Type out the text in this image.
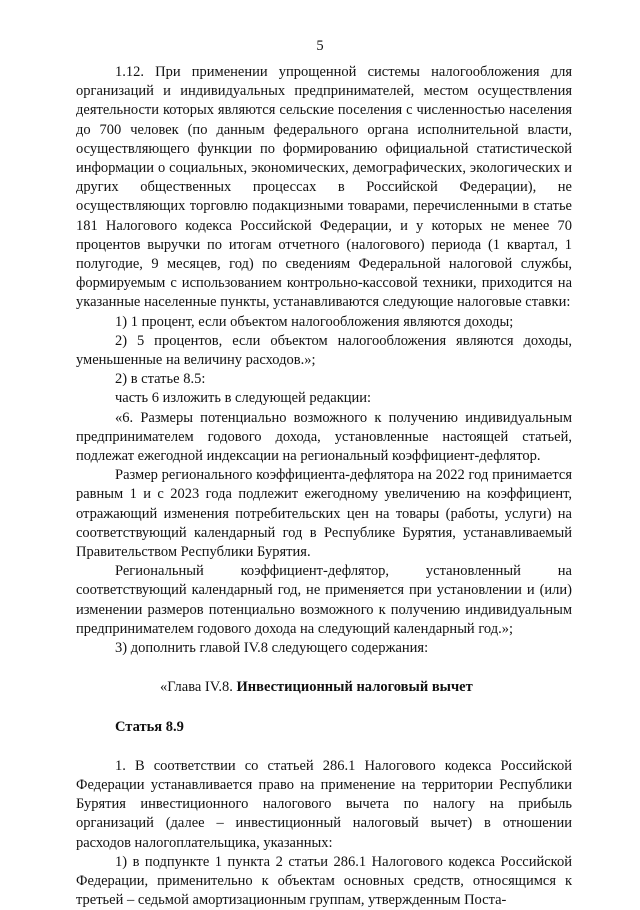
5

1.12. При применении упрощенной системы налогообложения для организаций и индивидуальных предпринимателей, местом осуществления деятельности которых являются сельские поселения с численностью населения до 700 человек (по данным федерального органа исполнительной власти, осуществляющего функции по формированию официальной статистической информации о социальных, экономических, демографических, экологических и других общественных процессах в Российской Федерации), не осуществляющих торговлю подакцизными товарами, перечисленными в статье 181 Налогового кодекса Российской Федерации, и у которых не менее 70 процентов выручки по итогам отчетного (налогового) периода (1 квартал, 1 полугодие, 9 месяцев, год) по сведениям Федеральной налоговой службы, формируемым с использованием контрольно-кассовой техники, приходится на указанные населенные пункты, устанавливаются следующие налоговые ставки:

1) 1 процент, если объектом налогообложения являются доходы;

2) 5 процентов, если объектом налогообложения являются доходы, уменьшенные на величину расходов.»;

2) в статье 8.5:

часть 6 изложить в следующей редакции:

«6. Размеры потенциально возможного к получению индивидуальным предпринимателем годового дохода, установленные настоящей статьей, подлежат ежегодной индексации на региональный коэффициент-дефлятор.

Размер регионального коэффициента-дефлятора на 2022 год принимается равным 1 и с 2023 года подлежит ежегодному увеличению на коэффициент, отражающий изменения потребительских цен на товары (работы, услуги) на соответствующий календарный год в Республике Бурятия, устанавливаемый Правительством Республики Бурятия.

Региональный коэффициент-дефлятор, установленный на соответствующий календарный год, не применяется при установлении и (или) изменении размеров потенциально возможного к получению индивидуальным предпринимателем годового дохода на следующий календарный год.»;

3) дополнить главой IV.8 следующего содержания:

«Глава IV.8. Инвестиционный налоговый вычет

Статья 8.9

1. В соответствии со статьей 286.1 Налогового кодекса Российской Федерации устанавливается право на применение на территории Республики Бурятия инвестиционного налогового вычета по налогу на прибыль организаций (далее – инвестиционный налоговый вычет) в отношении расходов налогоплательщика, указанных:

1) в подпункте 1 пункта 2 статьи 286.1 Налогового кодекса Российской Федерации, применительно к объектам основных средств, относящимся к третьей – седьмой амортизационным группам, утвержденным Поста-
